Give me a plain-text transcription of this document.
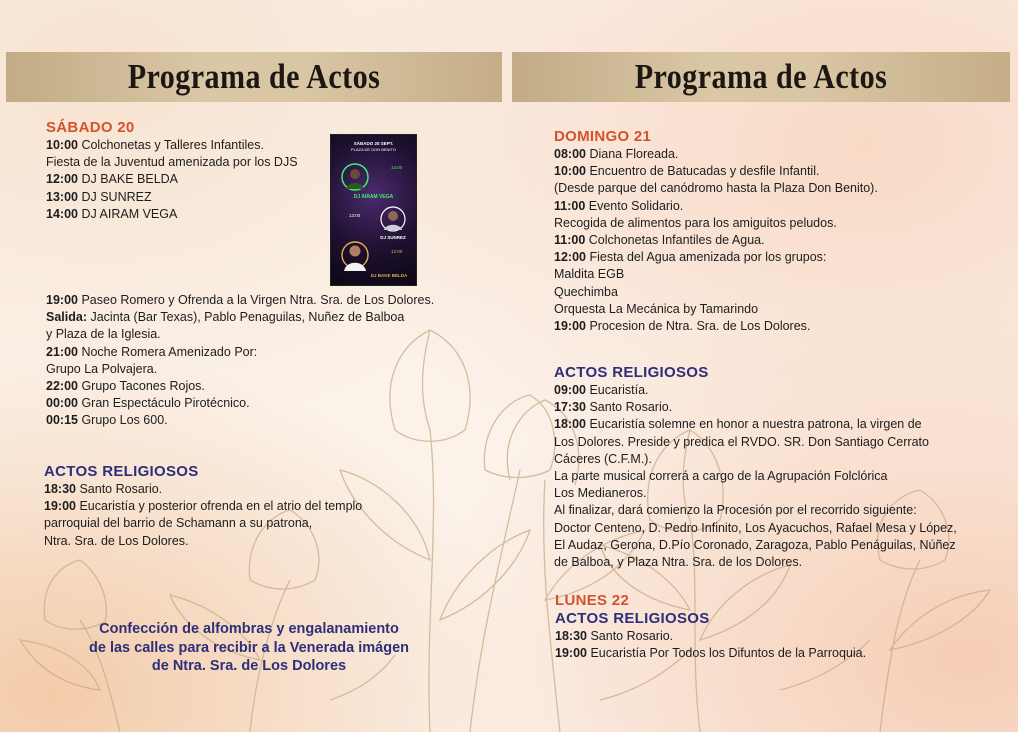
Programa de Actos	Programa de Actos
SÁBADO 20
10:00 Colchonetas y Talleres Infantiles.
Fiesta de la Juventud amenizada por los DJS
12:00 DJ BAKE BELDA
13:00 DJ SUNREZ
14:00 DJ AIRAM VEGA
19:00 Paseo Romero y Ofrenda a la Virgen Ntra. Sra. de Los Dolores.
Salida: Jacinta (Bar Texas), Pablo Penaguilas, Nuñez de Balboa
y Plaza de la Iglesia.
21:00 Noche Romera Amenizado Por:
Grupo La Polvajera.
22:00 Grupo Tacones Rojos.
00:00 Gran Espectáculo Pirotécnico.
00:15 Grupo Los 600.
SÁBADO 20 SEPT.
PLAZA DE DON BENITO
14:00
DJ AIRAM VEGA
13:00
DJ SUNREZ
12:00
DJ BAKE BELDA
ACTOS RELIGIOSOS
18:30 Santo Rosario.
19:00 Eucaristía y posterior ofrenda en el atrio del templo
parroquial del barrio de Schamann a su patrona,
Ntra. Sra. de Los Dolores.
Confección de alfombras y engalanamiento
de las calles para recibir a la Venerada imágen
de Ntra. Sra. de Los Dolores
DOMINGO 21
08:00 Diana Floreada.
10:00 Encuentro de Batucadas y desfile Infantil.
(Desde parque del canódromo hasta la Plaza Don Benito).
11:00 Evento Solidario.
Recogida de alimentos para los amiguitos peludos.
11:00 Colchonetas Infantiles de Agua.
12:00 Fiesta del Agua amenizada por los grupos:
Maldita EGB
Quechimba
Orquesta La Mecánica by Tamarindo
19:00 Procesion de Ntra. Sra. de Los Dolores.
ACTOS RELIGIOSOS
09:00 Eucaristía.
17:30 Santo Rosario.
18:00 Eucaristía solemne en honor a nuestra patrona, la virgen de
Los Dolores. Preside y predica el RVDO. SR. Don Santiago Cerrato
Cáceres (C.F.M.).
La parte musical correrá a cargo de la Agrupación Folclórica
Los Medianeros.
Al finalizar, dará comienzo la Procesión por el recorrido siguiente:
Doctor Centeno, D. Pedro Infinito, Los Ayacuchos, Rafael Mesa y López,
El Audaz, Gerona, D.Pío Coronado, Zaragoza, Pablo Penáguilas, Núñez
de Balboa, y Plaza Ntra. Sra. de los Dolores.
LUNES 22
ACTOS RELIGIOSOS
18:30 Santo Rosario.
19:00 Eucaristía Por Todos los Difuntos de la Parroquia.
